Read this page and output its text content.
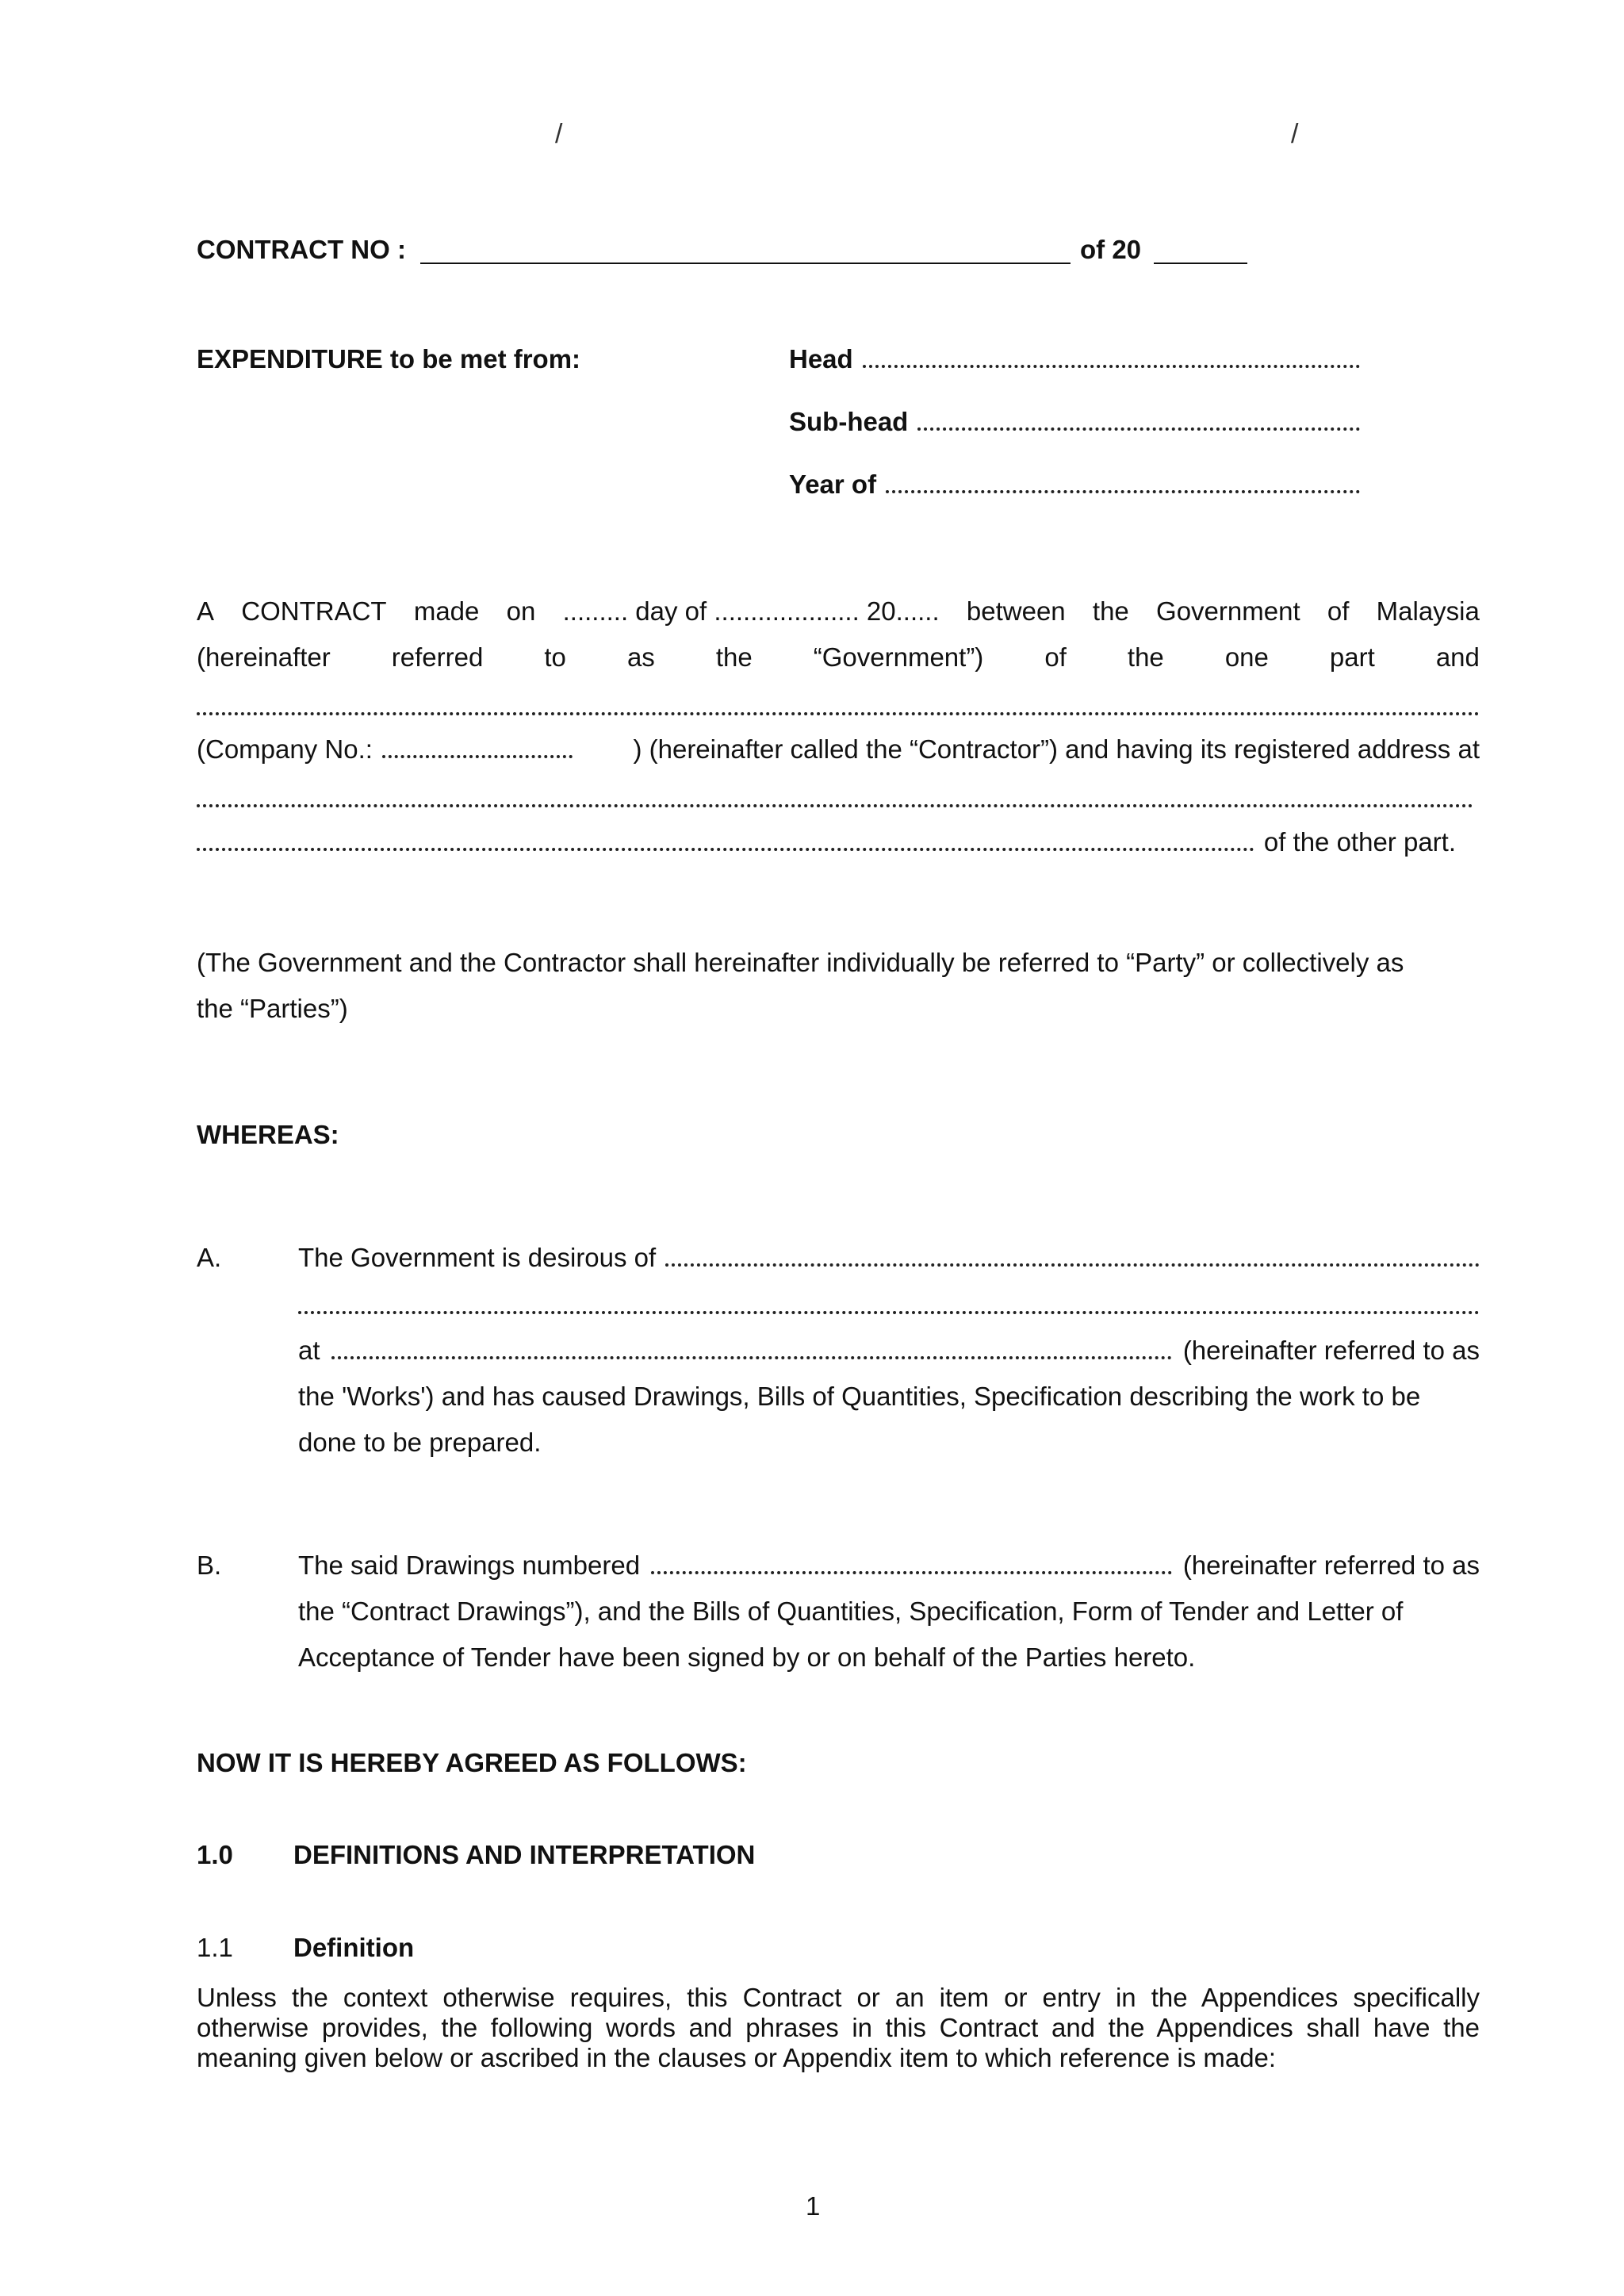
/	/
CONTRACT NO :	of 20
EXPENDITURE to be met from:	Head
Sub-head
Year of
A CONTRACT made on ......... day of .................... 20...... between the Government of Malaysia
(hereinafter referred to as the “Government”) of the one part and
(Company No.:	) (hereinafter called the “Contractor”) and having its registered address at
of the other part.
(The Government and the Contractor shall hereinafter individually be referred to “Party” or collectively as
the “Parties”)
WHEREAS:
A.	The Government is desirous of
at	(hereinafter referred to as
the 'Works') and has caused Drawings, Bills of Quantities, Specification describing the work to be
done to be prepared.
B.	The said Drawings numbered	(hereinafter referred to as
the “Contract Drawings”), and the Bills of Quantities, Specification, Form of Tender and Letter of
Acceptance of Tender have been signed by or on behalf of the Parties hereto.
NOW IT IS HEREBY AGREED AS FOLLOWS:
1.0 DEFINITIONS AND INTERPRETATION
1.1 Definition
Unless the context otherwise requires, this Contract or an item or entry in the Appendices specifically otherwise provides, the following words and phrases in this Contract and the Appendices shall have the meaning given below or ascribed in the clauses or Appendix item to which reference is made:
1
